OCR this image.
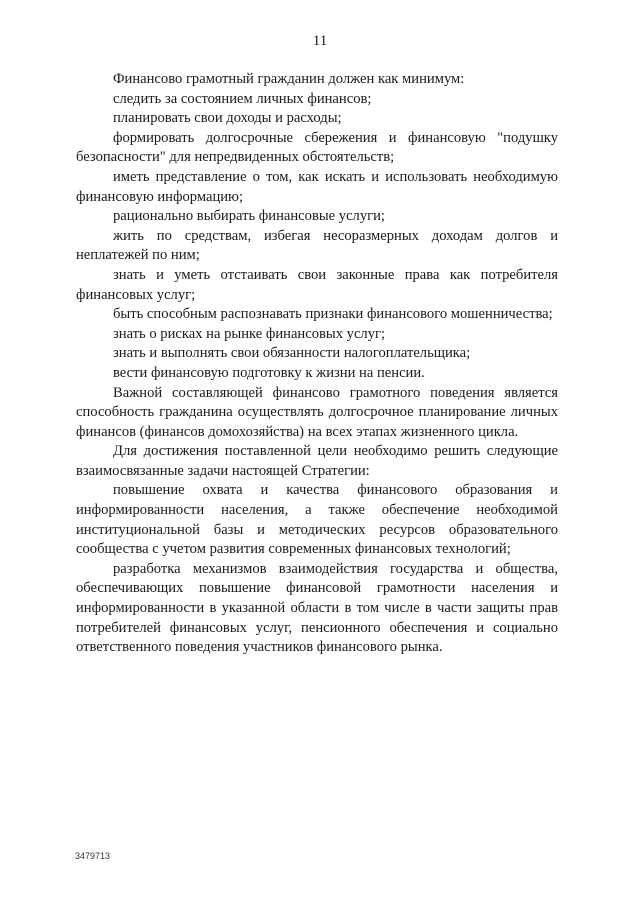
11

Финансово грамотный гражданин должен как минимум:

следить за состоянием личных финансов;

планировать свои доходы и расходы;

формировать долгосрочные сбережения и финансовую "подушку безопасности" для непредвиденных обстоятельств;

иметь представление о том, как искать и использовать необходимую финансовую информацию;

рационально выбирать финансовые услуги;

жить по средствам, избегая несоразмерных доходам долгов и неплатежей по ним;

знать и уметь отстаивать свои законные права как потребителя финансовых услуг;

быть способным распознавать признаки финансового мошенничества;

знать о рисках на рынке финансовых услуг;

знать и выполнять свои обязанности налогоплательщика;

вести финансовую подготовку к жизни на пенсии.

Важной составляющей финансово грамотного поведения является способность гражданина осуществлять долгосрочное планирование личных финансов (финансов домохозяйства) на всех этапах жизненного цикла.

Для достижения поставленной цели необходимо решить следующие взаимосвязанные задачи настоящей Стратегии:

повышение охвата и качества финансового образования и информированности населения, а также обеспечение необходимой институциональной базы и методических ресурсов образовательного сообщества с учетом развития современных финансовых технологий;

разработка механизмов взаимодействия государства и общества, обеспечивающих повышение финансовой грамотности населения и информированности в указанной области в том числе в части защиты прав потребителей финансовых услуг, пенсионного обеспечения и социально ответственного поведения участников финансового рынка.

3479713
